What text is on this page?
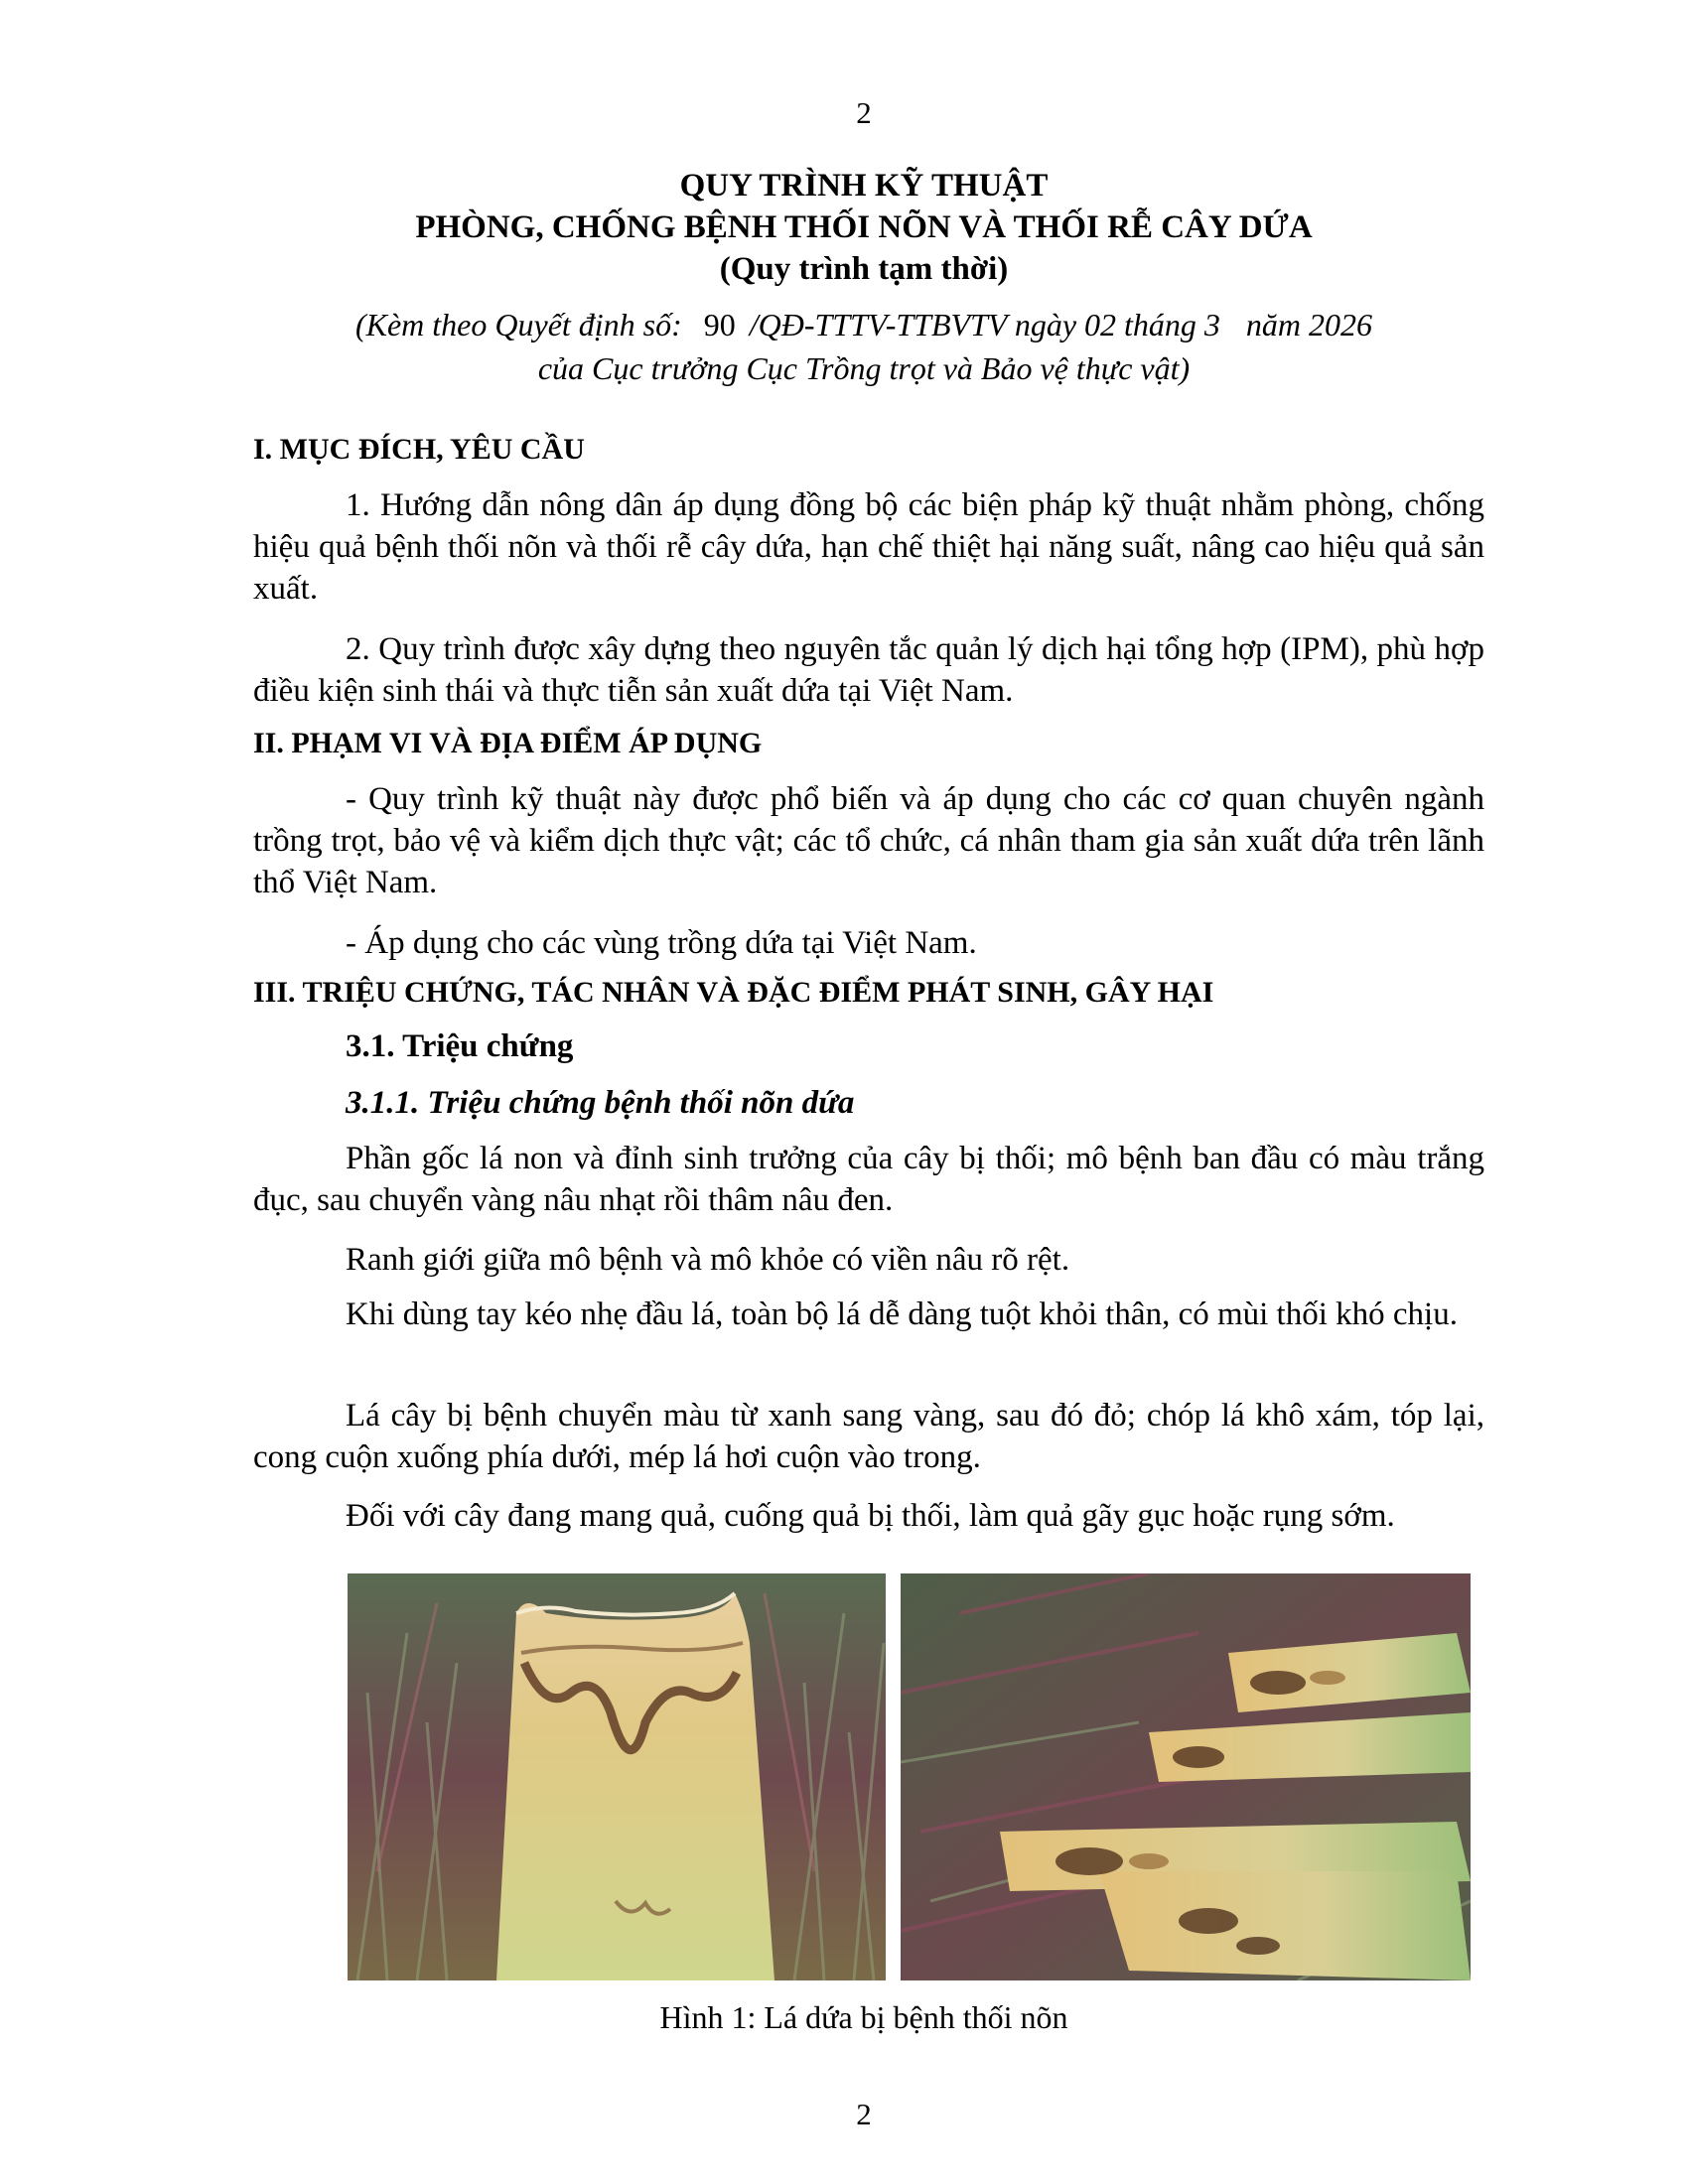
2
QUY TRÌNH KỸ THUẬT
PHÒNG, CHỐNG BỆNH THỐI NÕN VÀ THỐI RỄ CÂY DỨA
(Quy trình tạm thời)
(Kèm theo Quyết định số: 90 /QĐ-TTTV-TTBVTV ngày 02 tháng 3 năm 2026
của Cục trưởng Cục Trồng trọt và Bảo vệ thực vật)
I. MỤC ĐÍCH, YÊU CẦU

1. Hướng dẫn nông dân áp dụng đồng bộ các biện pháp kỹ thuật nhằm phòng, chống hiệu quả bệnh thối nõn và thối rễ cây dứa, hạn chế thiệt hại năng suất, nâng cao hiệu quả sản xuất.

2. Quy trình được xây dựng theo nguyên tắc quản lý dịch hại tổng hợp (IPM), phù hợp điều kiện sinh thái và thực tiễn sản xuất dứa tại Việt Nam.

II. PHẠM VI VÀ ĐỊA ĐIỂM ÁP DỤNG

- Quy trình kỹ thuật này được phổ biến và áp dụng cho các cơ quan chuyên ngành trồng trọt, bảo vệ và kiểm dịch thực vật; các tổ chức, cá nhân tham gia sản xuất dứa trên lãnh thổ Việt Nam.

- Áp dụng cho các vùng trồng dứa tại Việt Nam.

III. TRIỆU CHỨNG, TÁC NHÂN VÀ ĐẶC ĐIỂM PHÁT SINH, GÂY HẠI
3.1. Triệu chứng
3.1.1. Triệu chứng bệnh thối nõn dứa

Phần gốc lá non và đỉnh sinh trưởng của cây bị thối; mô bệnh ban đầu có màu trắng đục, sau chuyển vàng nâu nhạt rồi thâm nâu đen.

Ranh giới giữa mô bệnh và mô khỏe có viền nâu rõ rệt.

Khi dùng tay kéo nhẹ đầu lá, toàn bộ lá dễ dàng tuột khỏi thân, có mùi thối khó chịu.

Lá cây bị bệnh chuyển màu từ xanh sang vàng, sau đó đỏ; chóp lá khô xám, tóp lại, cong cuộn xuống phía dưới, mép lá hơi cuộn vào trong.

Đối với cây đang mang quả, cuống quả bị thối, làm quả gãy gục hoặc rụng sớm.

Hình 1: Lá dứa bị bệnh thối nõn
2
